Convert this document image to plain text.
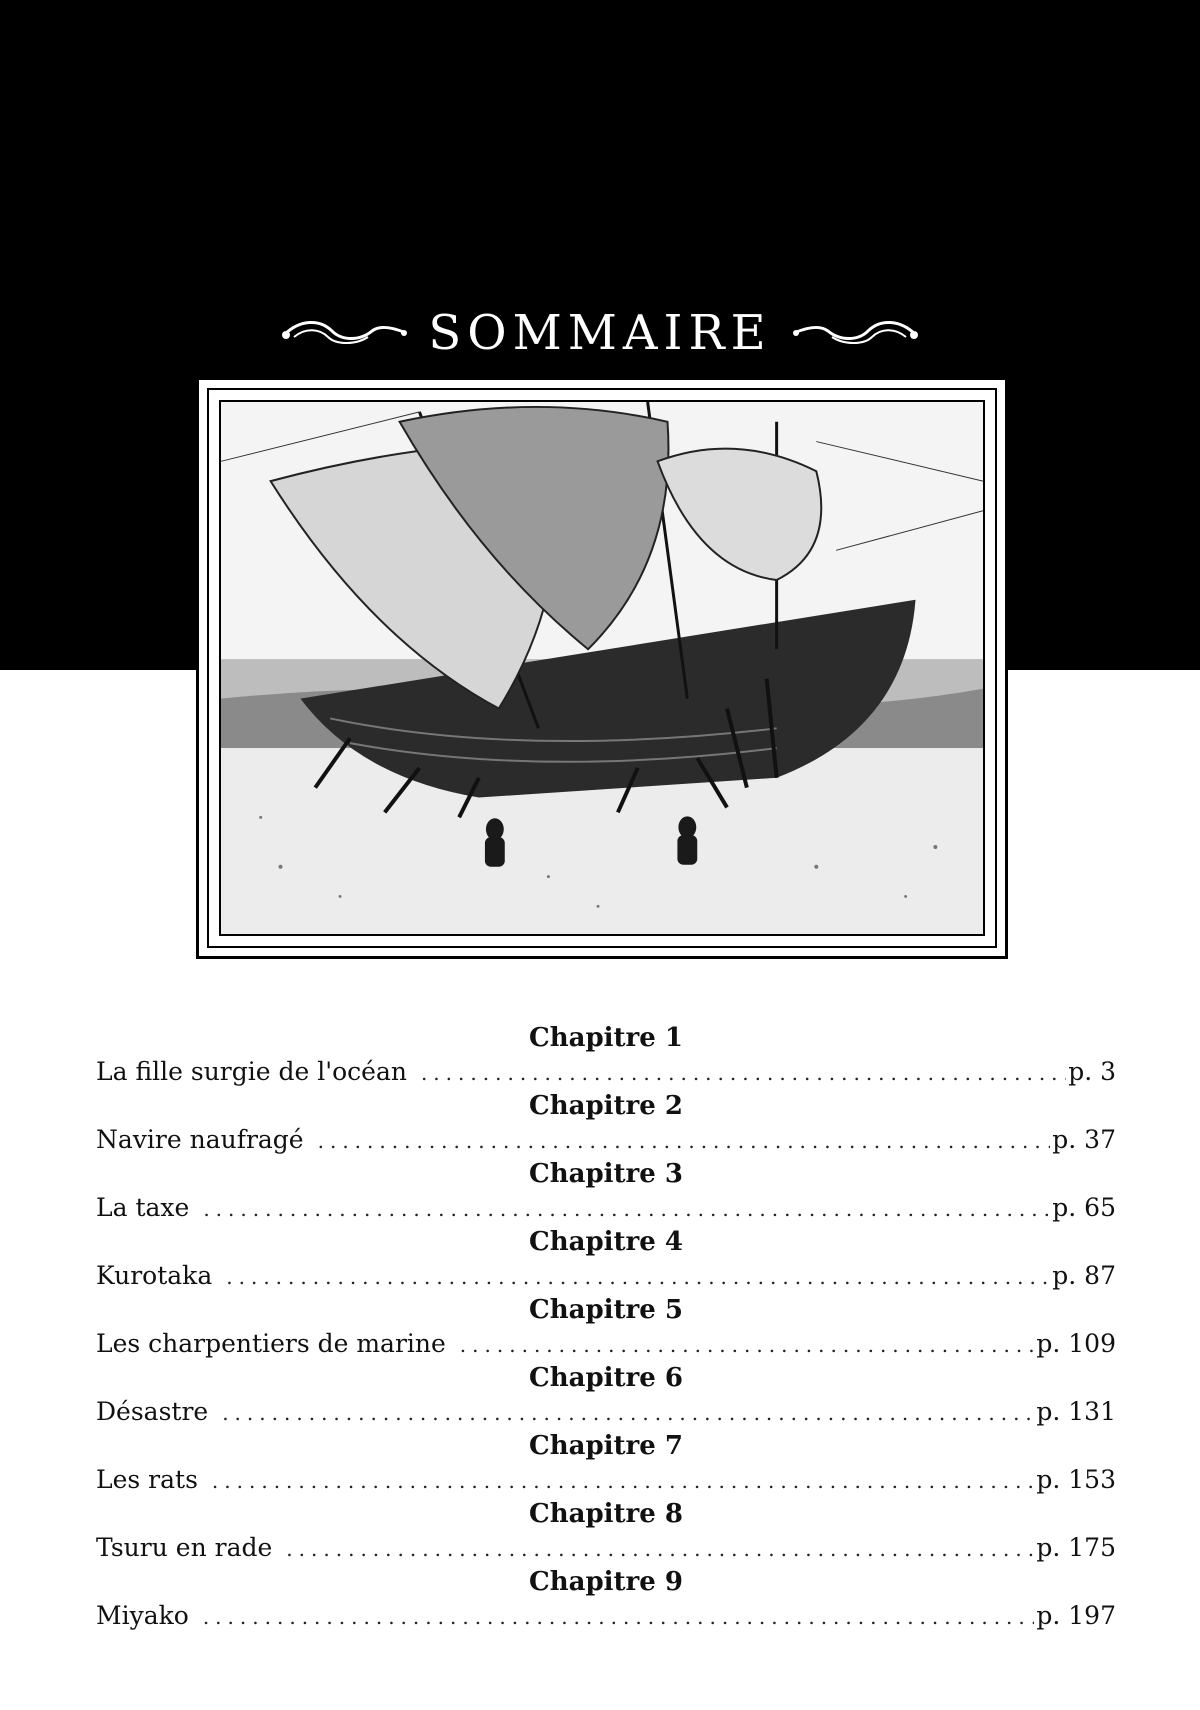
SOMMAIRE
Chapitre 1
La fille surgie de l'océan .....	p. 3
Chapitre 2
Navire naufragé .....	p. 37
Chapitre 3
La taxe .....	p. 65
Chapitre 4
Kurotaka .....	p. 87
Chapitre 5
Les charpentiers de marine .....	p. 109
Chapitre 6
Désastre .....	p. 131
Chapitre 7
Les rats .....	p. 153
Chapitre 8
Tsuru en rade .....	p. 175
Chapitre 9
Miyako .....	p. 197
